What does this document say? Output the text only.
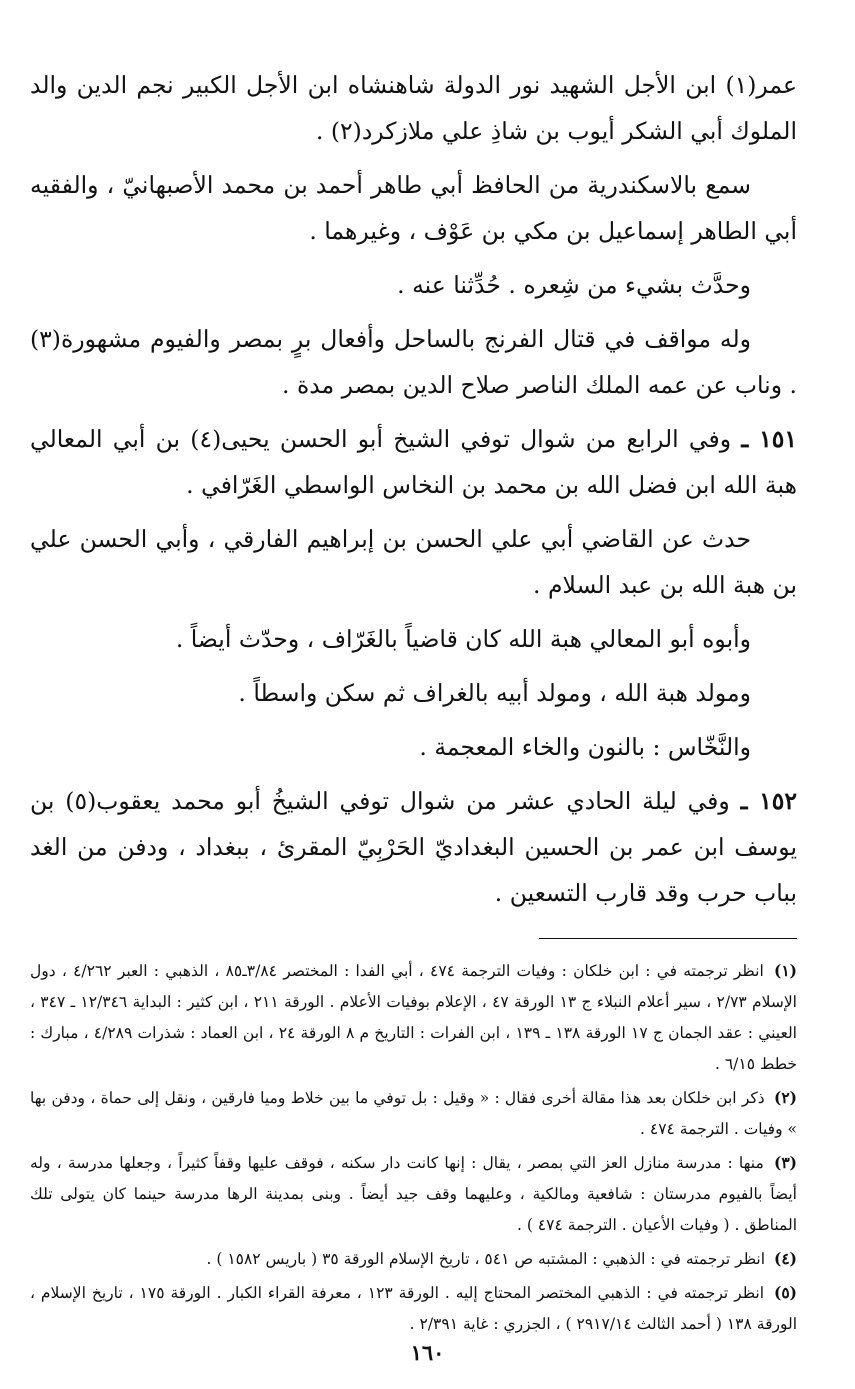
عمر(١) ابن الأجل الشهيد نور الدولة شاهنشاه ابن الأجل الكبير نجم الدين والد الملوك أبي الشكر أيوب بن شاذِ علي ملازكرد(٢) .

سمع بالاسكندرية من الحافظ أبي طاهر أحمد بن محمد الأصبهانيّ ، والفقيه أبي الطاهر إسماعيل بن مكي بن عَوْف ، وغيرهما .

وحدَّث بشيء من شِعره . حُدِّثنا عنه .

وله مواقف في قتال الفرنج بالساحل وأفعال برٍ بمصر والفيوم مشهورة(٣) . وناب عن عمه الملك الناصر صلاح الدين بمصر مدة .

١٥١ ـ وفي الرابع من شوال توفي الشيخ أبو الحسن يحيى(٤) بن أبي المعالي هبة الله ابن فضل الله بن محمد بن النخاس الواسطي الغَرّافي .

حدث عن القاضي أبي علي الحسن بن إبراهيم الفارقي ، وأبي الحسن علي بن هبة الله بن عبد السلام .

وأبوه أبو المعالي هبة الله كان قاضياً بالغَرّاف ، وحدّث أيضاً .

ومولد هبة الله ، ومولد أبيه بالغراف ثم سكن واسطاً .

والنَّخّاس : بالنون والخاء المعجمة .

١٥٢ ـ وفي ليلة الحادي عشر من شوال توفي الشيخُ أبو محمد يعقوب(٥) بن يوسف ابن عمر بن الحسين البغداديّ الحَرْبِيّ المقرئ ، ببغداد ، ودفن من الغد بباب حرب وقد قارب التسعين .

(١) انظر ترجمته في : ابن خلكان : وفيات الترجمة ٤٧٤ ، أبي الفدا : المختصر ٣/٨٤ـ٨٥ ، الذهبي : العبر ٤/٢٦٢ ، دول الإسلام ٢/٧٣ ، سير أعلام النبلاء ج ١٣ الورقة ٤٧ ، الإعلام بوفيات الأعلام . الورقة ٢١١ ، ابن كثير : البداية ١٢/٣٤٦ ـ ٣٤٧ ، العيني : عقد الجمان ج ١٧ الورقة ١٣٨ ـ ١٣٩ ، ابن الفرات : التاريخ م ٨ الورقة ٢٤ ، ابن العماد : شذرات ٤/٢٨٩ ، مبارك : خطط ٦/١٥ .

(٢) ذكر ابن خلكان بعد هذا مقالة أخرى فقال : « وقيل : بل توفي ما بين خلاط وميا فارقين ، ونقل إلى حماة ، ودفن بها » وفيات . الترجمة ٤٧٤ .

(٣) منها : مدرسة منازل العز التي بمصر ، يقال : إنها كانت دار سكنه ، فوقف عليها وقفاً كثيراً ، وجعلها مدرسة ، وله أيضاً بالفيوم مدرستان : شافعية ومالكية ، وعليهما وقف جيد أيضاً . وبنى بمدينة الرها مدرسة حينما كان يتولى تلك المناطق . ( وفيات الأعيان . الترجمة ٤٧٤ ) .

(٤) انظر ترجمته في : الذهبي : المشتبه ص ٥٤١ ، تاريخ الإسلام الورقة ٣٥ ( باريس ١٥٨٢ ) .

(٥) انظر ترجمته في : الذهبي المختصر المحتاج إليه . الورقة ١٢٣ ، معرفة القراء الكبار . الورقة ١٧٥ ، تاريخ الإسلام ، الورقة ١٣٨ ( أحمد الثالث ٢٩١٧/١٤ ) ، الجزري : غاية ٢/٣٩١ .

١٦٠
